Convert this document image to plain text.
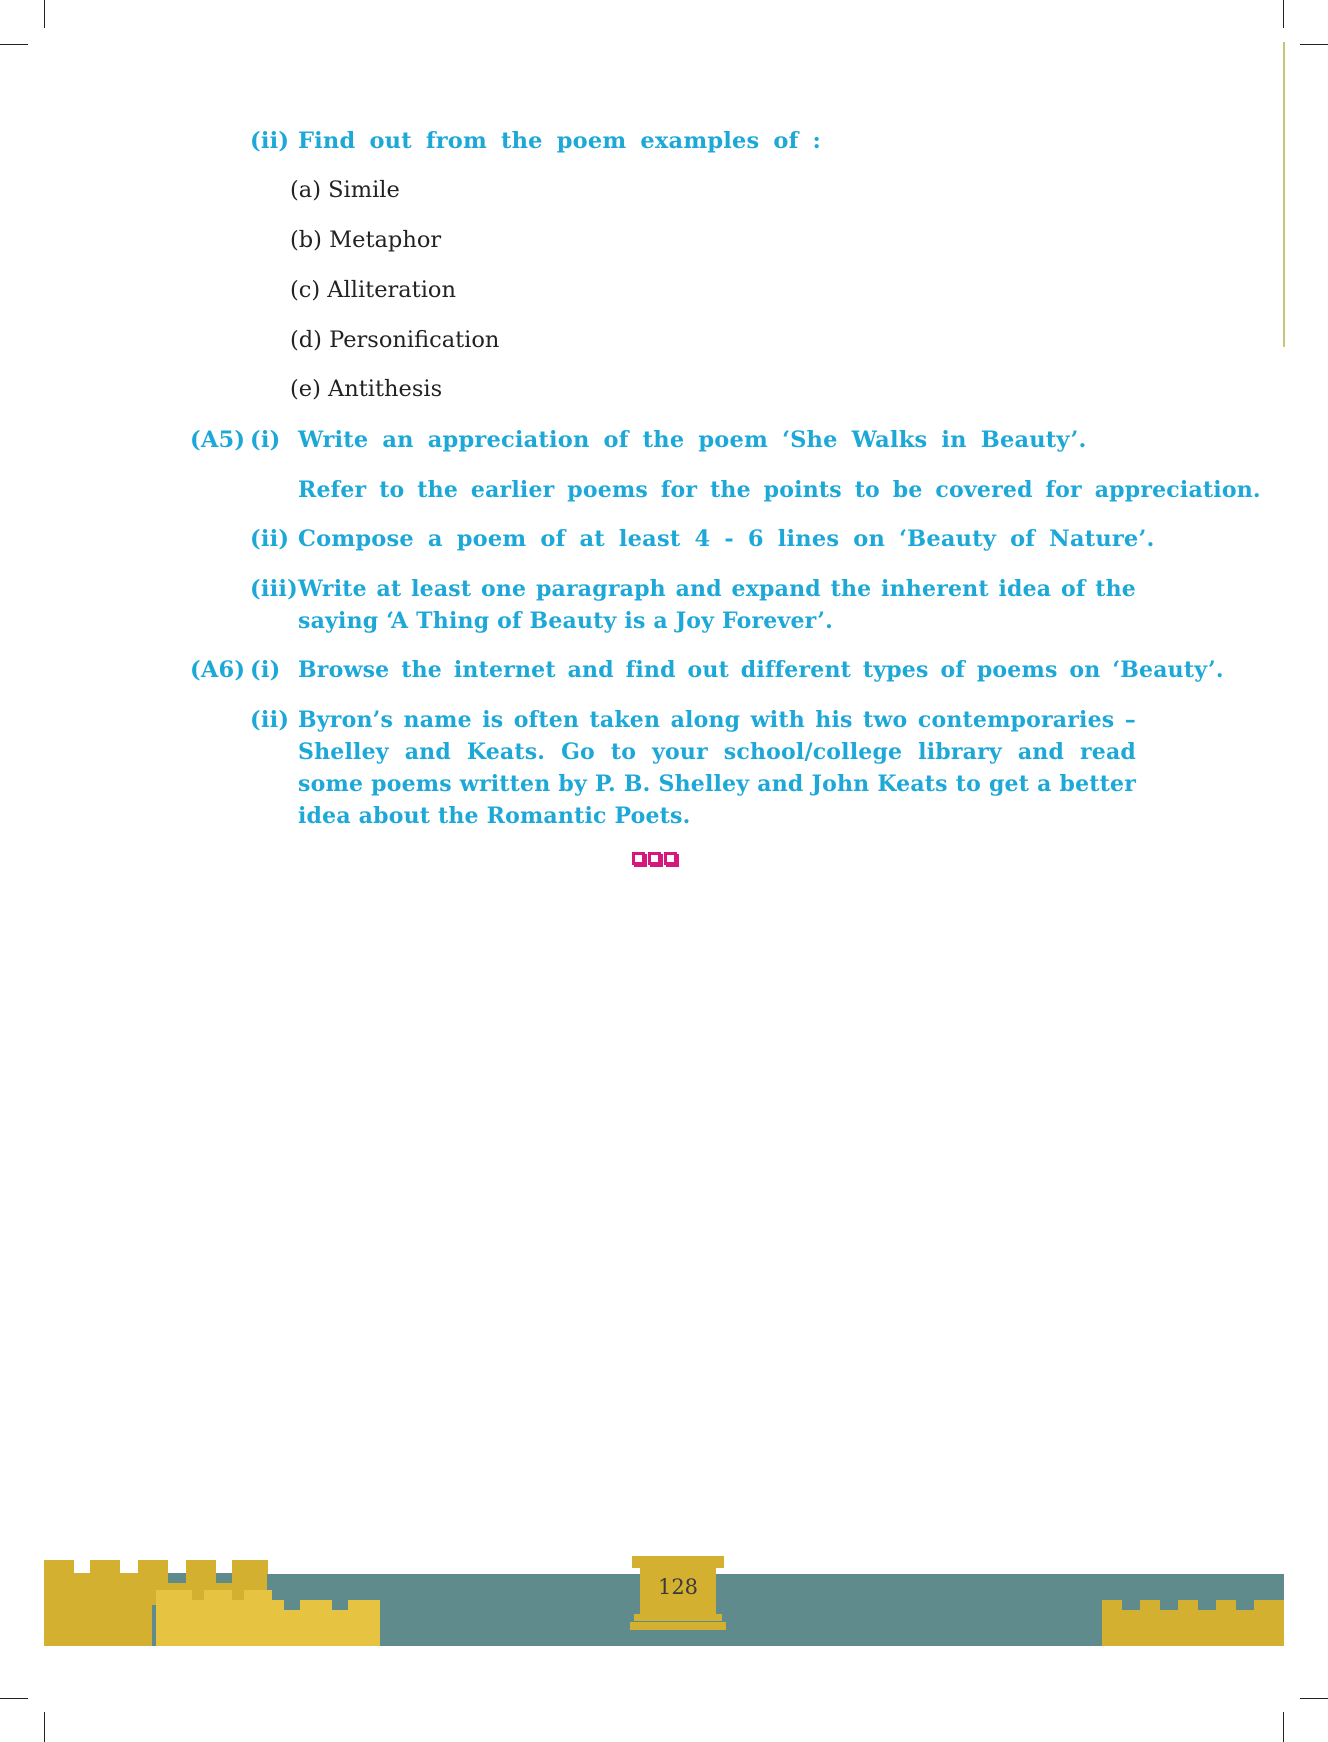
(ii) Find out from the poem examples of :
(a) Simile
(b) Metaphor
(c) Alliteration
(d) Personification
(e) Antithesis
(A5) (i) Write an appreciation of the poem ‘She Walks in Beauty’.
Refer to the earlier poems for the points to be covered for appreciation.
(ii) Compose a poem of at least 4 - 6 lines on ‘Beauty of Nature’.
(iii) Write at least one paragraph and expand the inherent idea of the saying ‘A Thing of Beauty is a Joy Forever’.
(A6) (i) Browse the internet and find out different types of poems on ‘Beauty’.
(ii) Byron’s name is often taken along with his two contemporaries – Shelley and Keats. Go to your school/college library and read some poems written by P. B. Shelley and John Keats to get a better idea about the Romantic Poets.
128
